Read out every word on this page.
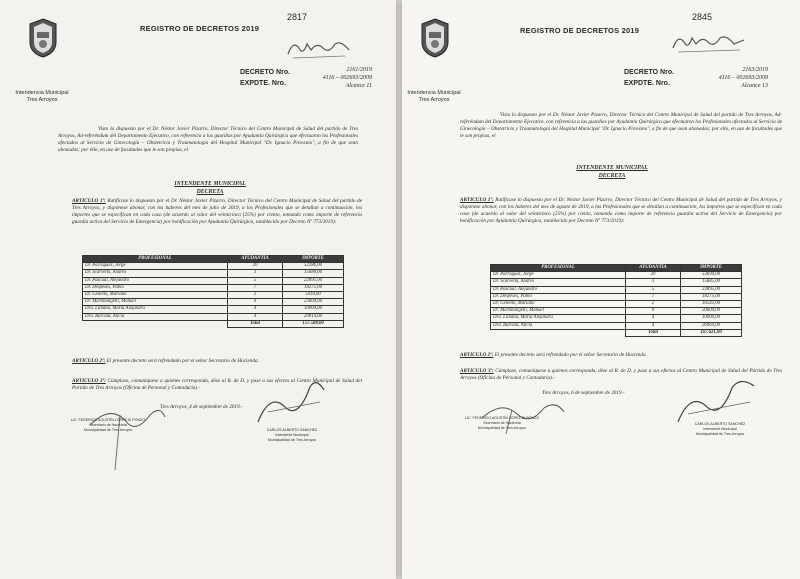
Intendencia Municipal
Tres Arroyos
REGISTRO DE DECRETOS 2019
2817
DECRETO Nro.
EXPDTE. Nro.
2161/2019
4116 – 002693/2009
Alcance 11
Visto lo dispuesto por el Dr. Néstor Javier Pizarro, Director Técnico del Centro Municipal de Salud del partido de Tres Arroyos, Ad-referéndum del Departamento Ejecutivo, con referencia a las guardias por Ayudantía Quirúrgica que efectuaron los Profesionales afectados al Servicio de Ginecología – Obstetricia y Traumatología del Hospital Municipal "Dr. Ignacio Pirovano", a fin de que sean abonadas; por ello, en uso de facultades que le son propias, el
INTENDENTE MUNICIPAL
DECRETA
ARTICULO 1º: Ratificase lo dispuesto por el Dr. Néstor Javier Pizarro, Director Técnico del Centro Municipal de Salud del partido de Tres Arroyos, y dispónese abonar, con los haberes del mes de julio de 2019, a los Profesionales que se detallan a continuación, los importes que se especifican en cada caso (de acuerdo al valor del veinticinco (25%) por ciento, tomando como importe de referencia guardia activa del Servicio de Emergencia) por bonificación por Ayudantía Quirúrgica, establecido por Decreto Nº 773/2019):
PROFESIONAL	AYUDANTÍA	IMPORTE
Dr. Parraguez, Jorge	20	52286,00
Dr. Scarvella, Andrés	3	15680,00
Dr. Pascual, Alejandro	5	22895,00
Dr. Despeses, Pablo	7	18275,00
Dr. Genello, Mariano	2	5418,00
Dr. Martinangelli, Manuel	9	23604,00
Dra. Llibana, María Alejandra	4	10000,00
Dra. Barcala, Alicia	4	20814,00
	Total	157.588,00
ARTICULO 2º: El presente decreto será refrendado por el señor Secretario de Hacienda.
ARTICULO 3º: Cúmplase, comuníquese a quienes corresponda, dése al R. de D. y pase a sus efectos al Centro Municipal de Salud del Partido de Tres Arroyos (Oficina de Personal y Contaduría).-
Tres Arroyos, 4 de septiembre de 2019.-
LIC. FEDERICO AGUSTÍN LÓPEZ DI PONZO
Secretario de Hacienda
Municipalidad de Tres Arroyos	CARLOS ALBERTO SANCHEZ
Intendente Municipal
Municipalidad de Tres Arroyos
Intendencia Municipal
Tres Arroyos
REGISTRO DE DECRETOS 2019
2845
DECRETO Nro.
EXPDTE. Nro.
2163/2019
4116 – 002693/2009
Alcance 13
Visto lo dispuesto por el Dr. Néstor Javier Pizarro, Director Técnico del Centro Municipal de Salud del partido de Tres Arroyos, Ad-referéndum del Departamento Ejecutivo, con referencia a las guardias por Ayudantía Quirúrgica que efectuaron los Profesionales afectados al Servicio de Ginecología – Obstetricia y Traumatología del Hospital Municipal "Dr. Ignacio Pirovano", a fin de que sean abonadas; por ello, en uso de facultades que le son propias, el
INTENDENTE MUNICIPAL
DECRETA
ARTICULO 1º: Ratificase lo dispuesto por el Dr. Néstor Javier Pizarro, Director Técnico del Centro Municipal de Salud del partido de Tres Arroyos, y dispónese abonar, con los haberes del mes de agosto de 2019, a los Profesionales que se detallan a continuación, los importes que se especifican en cada caso (de acuerdo al valor del veinticinco (25%) por ciento, tomando como importe de referencia guardia activa del Servicio de Emergencia) por bonificación por Ayudantía Quirúrgica, establecido por Decreto Nº 773/2019):
PROFESIONAL	AYUDANTÍA	IMPORTE
Dr. Parraguez, Jorge	20	53694,00
Dr. Scarvella, Andrés	3	15685,00
Dr. Pascual, Alejandro	5	23895,00
Dr. Despeses, Pablo	7	18275,00
Dr. Genello, Mariano	2	10542,00
Dr. Martinangelli, Manuel	9	20604,00
Dra. Llibana, María Alejandra	4	10000,00
Dra. Barcala, Alicia	4	26064,00
	Total	167.621,00
ARTICULO 2º: El presente decreto será refrendado por el señor Secretario de Hacienda.
ARTICULO 3º: Cúmplase, comuníquese a quienes corresponda, dése al R. de D. y pase a sus efectos al Centro Municipal de Salud del Partido de Tres Arroyos (Oficina de Personal y Contaduría).-
Tres Arroyos, 6 de septiembre de 2019.-
LIC. FEDERICO AGUSTÍN LÓPEZ DI PONZO
Secretario de Hacienda
Municipalidad de Tres Arroyos
CARLOS ALBERTO SANCHEZ
Intendente Municipal
Municipalidad de Tres Arroyos
